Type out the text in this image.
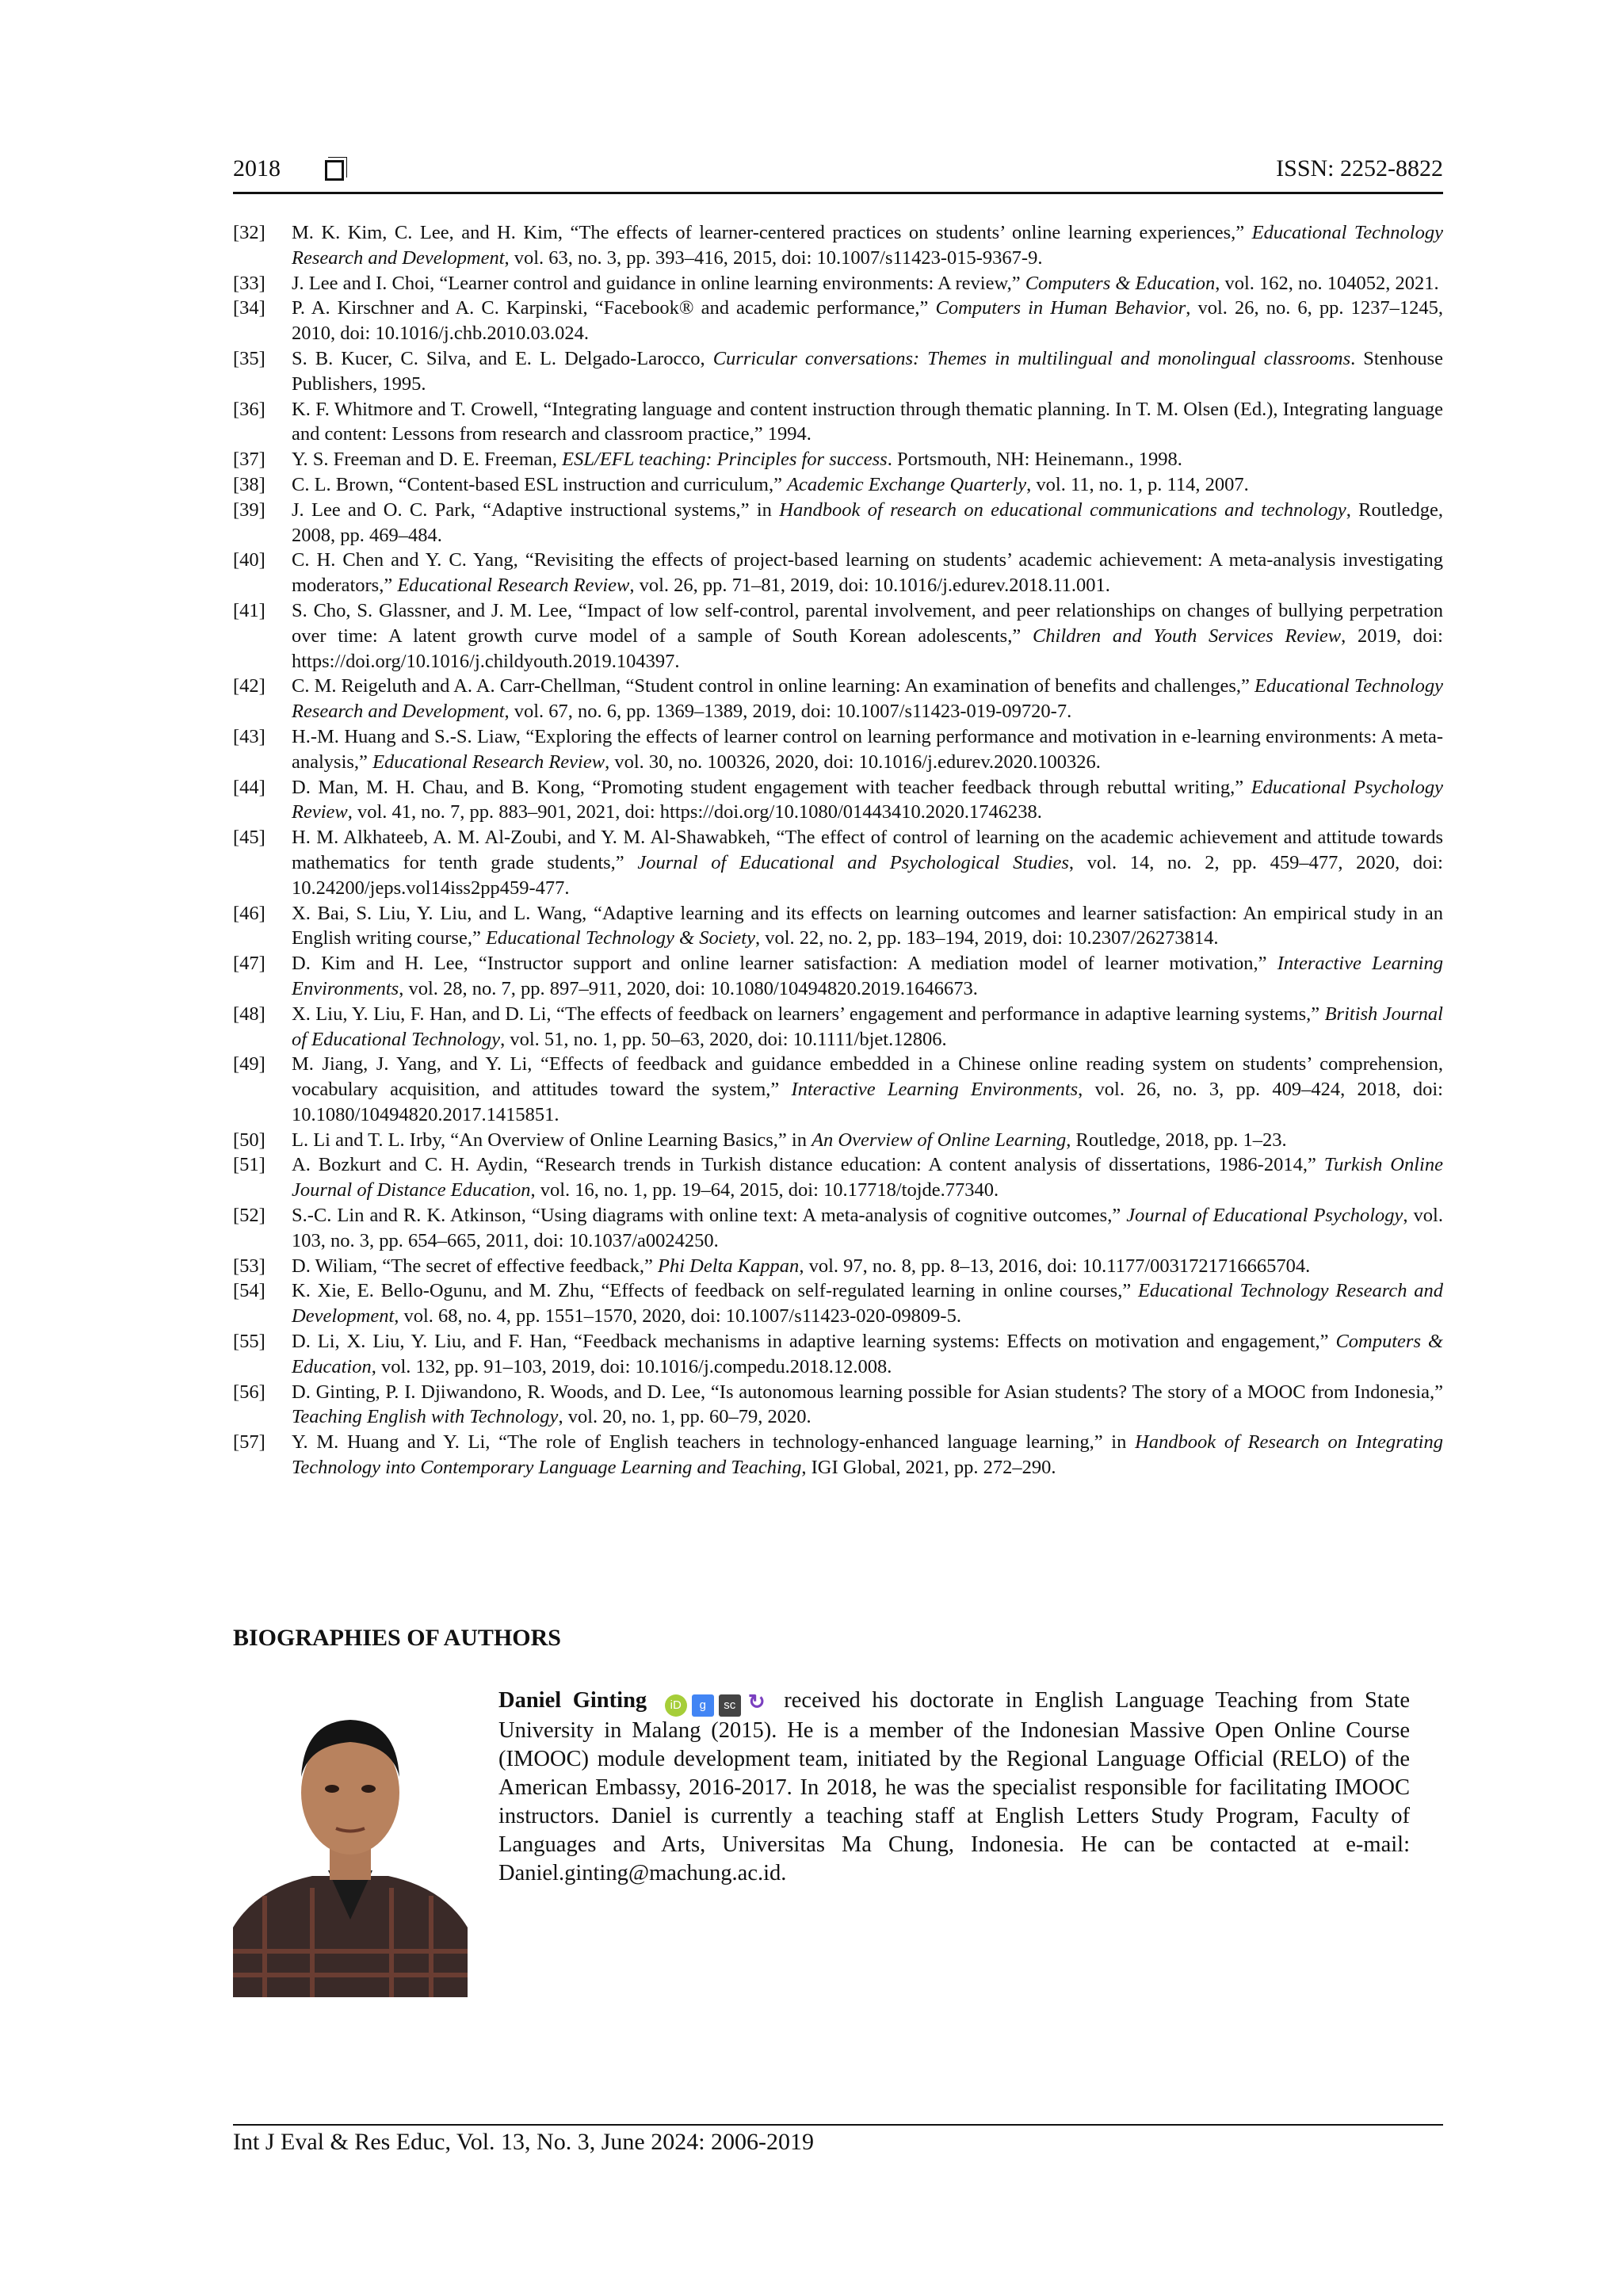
2018	ISSN: 2252-8822
[32]	M. K. Kim, C. Lee, and H. Kim, “The effects of learner-centered practices on students’ online learning experiences,” Educational Technology Research and Development, vol. 63, no. 3, pp. 393–416, 2015, doi: 10.1007/s11423-015-9367-9.
[33]	J. Lee and I. Choi, “Learner control and guidance in online learning environments: A review,” Computers & Education, vol. 162, no. 104052, 2021.
[34]	P. A. Kirschner and A. C. Karpinski, “Facebook® and academic performance,” Computers in Human Behavior, vol. 26, no. 6, pp. 1237–1245, 2010, doi: 10.1016/j.chb.2010.03.024.
[35]	S. B. Kucer, C. Silva, and E. L. Delgado-Larocco, Curricular conversations: Themes in multilingual and monolingual classrooms. Stenhouse Publishers, 1995.
[36]	K. F. Whitmore and T. Crowell, “Integrating language and content instruction through thematic planning. In T. M. Olsen (Ed.), Integrating language and content: Lessons from research and classroom practice,” 1994.
[37]	Y. S. Freeman and D. E. Freeman, ESL/EFL teaching: Principles for success. Portsmouth, NH: Heinemann., 1998.
[38]	C. L. Brown, “Content-based ESL instruction and curriculum,” Academic Exchange Quarterly, vol. 11, no. 1, p. 114, 2007.
[39]	J. Lee and O. C. Park, “Adaptive instructional systems,” in Handbook of research on educational communications and technology, Routledge, 2008, pp. 469–484.
[40]	C. H. Chen and Y. C. Yang, “Revisiting the effects of project-based learning on students’ academic achievement: A meta-analysis investigating moderators,” Educational Research Review, vol. 26, pp. 71–81, 2019, doi: 10.1016/j.edurev.2018.11.001.
[41]	S. Cho, S. Glassner, and J. M. Lee, “Impact of low self-control, parental involvement, and peer relationships on changes of bullying perpetration over time: A latent growth curve model of a sample of South Korean adolescents,” Children and Youth Services Review, 2019, doi: https://doi.org/10.1016/j.childyouth.2019.104397.
[42]	C. M. Reigeluth and A. A. Carr-Chellman, “Student control in online learning: An examination of benefits and challenges,” Educational Technology Research and Development, vol. 67, no. 6, pp. 1369–1389, 2019, doi: 10.1007/s11423-019-09720-7.
[43]	H.-M. Huang and S.-S. Liaw, “Exploring the effects of learner control on learning performance and motivation in e-learning environments: A meta-analysis,” Educational Research Review, vol. 30, no. 100326, 2020, doi: 10.1016/j.edurev.2020.100326.
[44]	D. Man, M. H. Chau, and B. Kong, “Promoting student engagement with teacher feedback through rebuttal writing,” Educational Psychology Review, vol. 41, no. 7, pp. 883–901, 2021, doi: https://doi.org/10.1080/01443410.2020.1746238.
[45]	H. M. Alkhateeb, A. M. Al-Zoubi, and Y. M. Al-Shawabkeh, “The effect of control of learning on the academic achievement and attitude towards mathematics for tenth grade students,” Journal of Educational and Psychological Studies, vol. 14, no. 2, pp. 459–477, 2020, doi: 10.24200/jeps.vol14iss2pp459-477.
[46]	X. Bai, S. Liu, Y. Liu, and L. Wang, “Adaptive learning and its effects on learning outcomes and learner satisfaction: An empirical study in an English writing course,” Educational Technology & Society, vol. 22, no. 2, pp. 183–194, 2019, doi: 10.2307/26273814.
[47]	D. Kim and H. Lee, “Instructor support and online learner satisfaction: A mediation model of learner motivation,” Interactive Learning Environments, vol. 28, no. 7, pp. 897–911, 2020, doi: 10.1080/10494820.2019.1646673.
[48]	X. Liu, Y. Liu, F. Han, and D. Li, “The effects of feedback on learners’ engagement and performance in adaptive learning systems,” British Journal of Educational Technology, vol. 51, no. 1, pp. 50–63, 2020, doi: 10.1111/bjet.12806.
[49]	M. Jiang, J. Yang, and Y. Li, “Effects of feedback and guidance embedded in a Chinese online reading system on students’ comprehension, vocabulary acquisition, and attitudes toward the system,” Interactive Learning Environments, vol. 26, no. 3, pp. 409–424, 2018, doi: 10.1080/10494820.2017.1415851.
[50]	L. Li and T. L. Irby, “An Overview of Online Learning Basics,” in An Overview of Online Learning, Routledge, 2018, pp. 1–23.
[51]	A. Bozkurt and C. H. Aydin, “Research trends in Turkish distance education: A content analysis of dissertations, 1986-2014,” Turkish Online Journal of Distance Education, vol. 16, no. 1, pp. 19–64, 2015, doi: 10.17718/tojde.77340.
[52]	S.-C. Lin and R. K. Atkinson, “Using diagrams with online text: A meta-analysis of cognitive outcomes,” Journal of Educational Psychology, vol. 103, no. 3, pp. 654–665, 2011, doi: 10.1037/a0024250.
[53]	D. Wiliam, “The secret of effective feedback,” Phi Delta Kappan, vol. 97, no. 8, pp. 8–13, 2016, doi: 10.1177/0031721716665704.
[54]	K. Xie, E. Bello-Ogunu, and M. Zhu, “Effects of feedback on self-regulated learning in online courses,” Educational Technology Research and Development, vol. 68, no. 4, pp. 1551–1570, 2020, doi: 10.1007/s11423-020-09809-5.
[55]	D. Li, X. Liu, Y. Liu, and F. Han, “Feedback mechanisms in adaptive learning systems: Effects on motivation and engagement,” Computers & Education, vol. 132, pp. 91–103, 2019, doi: 10.1016/j.compedu.2018.12.008.
[56]	D. Ginting, P. I. Djiwandono, R. Woods, and D. Lee, “Is autonomous learning possible for Asian students? The story of a MOOC from Indonesia,” Teaching English with Technology, vol. 20, no. 1, pp. 60–79, 2020.
[57]	Y. M. Huang and Y. Li, “The role of English teachers in technology-enhanced language learning,” in Handbook of Research on Integrating Technology into Contemporary Language Learning and Teaching, IGI Global, 2021, pp. 272–290.
BIOGRAPHIES OF AUTHORS
Daniel Ginting iD g sc ↻ received his doctorate in English Language Teaching from State University in Malang (2015). He is a member of the Indonesian Massive Open Online Course (IMOOC) module development team, initiated by the Regional Language Official (RELO) of the American Embassy, 2016-2017. In 2018, he was the specialist responsible for facilitating IMOOC instructors. Daniel is currently a teaching staff at English Letters Study Program, Faculty of Languages and Arts, Universitas Ma Chung, Indonesia. He can be contacted at e-mail: Daniel.ginting@machung.ac.id.
Int J Eval & Res Educ, Vol. 13, No. 3, June 2024: 2006-2019
